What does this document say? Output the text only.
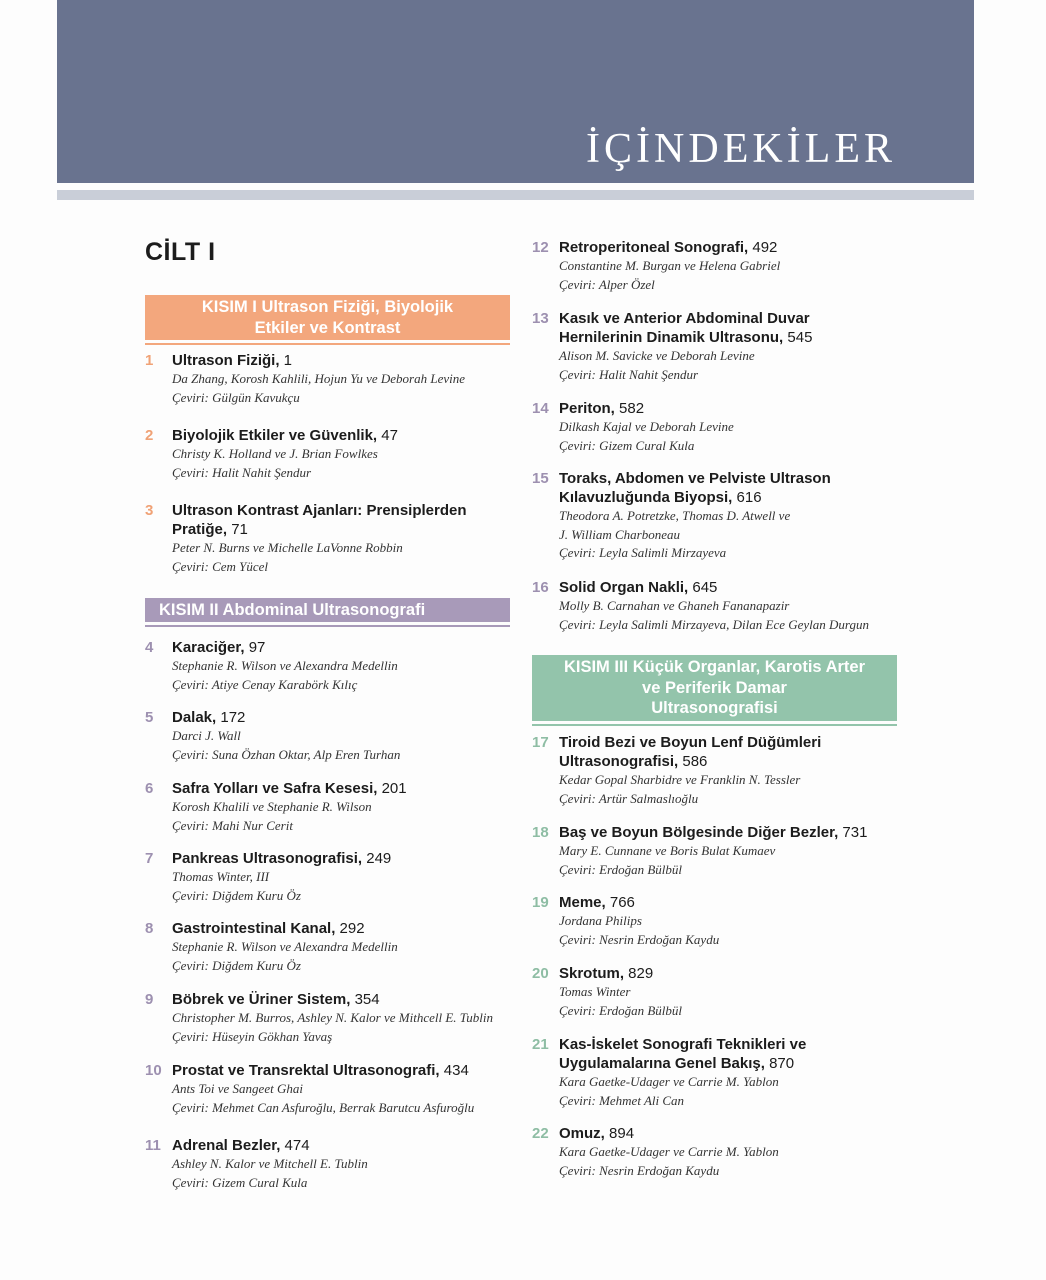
İÇİNDEKİLER
CİLT I
KISIM I Ultrason Fiziği, Biyolojik
Etkiler ve Kontrast
KISIM II Abdominal Ultrasonografi
KISIM III Küçük Organlar, Karotis Arter
ve Periferik Damar
Ultrasonografisi
1 Ultrason Fiziği, 1
Da Zhang, Korosh Kahlili, Hojun Yu ve Deborah Levine
Çeviri: Gülgün Kavukçu
2 Biyolojik Etkiler ve Güvenlik, 47
Christy K. Holland ve J. Brian Fowlkes
Çeviri: Halit Nahit Şendur
3 Ultrason Kontrast Ajanları: Prensiplerden
Pratiğe, 71
Peter N. Burns ve Michelle LaVonne Robbin
Çeviri: Cem Yücel
4 Karaciğer, 97
Stephanie R. Wilson ve Alexandra Medellin
Çeviri: Atiye Cenay Karabörk Kılıç
5 Dalak, 172
Darci J. Wall
Çeviri: Suna Özhan Oktar, Alp Eren Turhan
6 Safra Yolları ve Safra Kesesi, 201
Korosh Khalili ve Stephanie R. Wilson
Çeviri: Mahi Nur Cerit
7 Pankreas Ultrasonografisi, 249
Thomas Winter, III
Çeviri: Diğdem Kuru Öz
8 Gastrointestinal Kanal, 292
Stephanie R. Wilson ve Alexandra Medellin
Çeviri: Diğdem Kuru Öz
9 Böbrek ve Üriner Sistem, 354
Christopher M. Burros, Ashley N. Kalor ve Mithcell E. Tublin
Çeviri: Hüseyin Gökhan Yavaş
10 Prostat ve Transrektal Ultrasonografi, 434
Ants Toi ve Sangeet Ghai
Çeviri: Mehmet Can Asfuroğlu, Berrak Barutcu Asfuroğlu
11 Adrenal Bezler, 474
Ashley N. Kalor ve Mitchell E. Tublin
Çeviri: Gizem Cural Kula
12 Retroperitoneal Sonografi, 492
Constantine M. Burgan ve Helena Gabriel
Çeviri: Alper Özel
13 Kasık ve Anterior Abdominal Duvar
Hernilerinin Dinamik Ultrasonu, 545
Alison M. Savicke ve Deborah Levine
Çeviri: Halit Nahit Şendur
14 Periton, 582
Dilkash Kajal ve Deborah Levine
Çeviri: Gizem Cural Kula
15 Toraks, Abdomen ve Pelviste Ultrason
Kılavuzluğunda Biyopsi, 616
Theodora A. Potretzke, Thomas D. Atwell ve
J. William Charboneau
Çeviri: Leyla Salimli Mirzayeva
16 Solid Organ Nakli, 645
Molly B. Carnahan ve Ghaneh Fananapazir
Çeviri: Leyla Salimli Mirzayeva, Dilan Ece Geylan Durgun
17 Tiroid Bezi ve Boyun Lenf Düğümleri
Ultrasonografisi, 586
Kedar Gopal Sharbidre ve Franklin N. Tessler
Çeviri: Artür Salmaslıoğlu
18 Baş ve Boyun Bölgesinde Diğer Bezler, 731
Mary E. Cunnane ve Boris Bulat Kumaev
Çeviri: Erdoğan Bülbül
19 Meme, 766
Jordana Philips
Çeviri: Nesrin Erdoğan Kaydu
20 Skrotum, 829
Tomas Winter
Çeviri: Erdoğan Bülbül
21 Kas-İskelet Sonografi Teknikleri ve
Uygulamalarına Genel Bakış, 870
Kara Gaetke-Udager ve Carrie M. Yablon
Çeviri: Mehmet Ali Can
22 Omuz, 894
Kara Gaetke-Udager ve Carrie M. Yablon
Çeviri: Nesrin Erdoğan Kaydu
